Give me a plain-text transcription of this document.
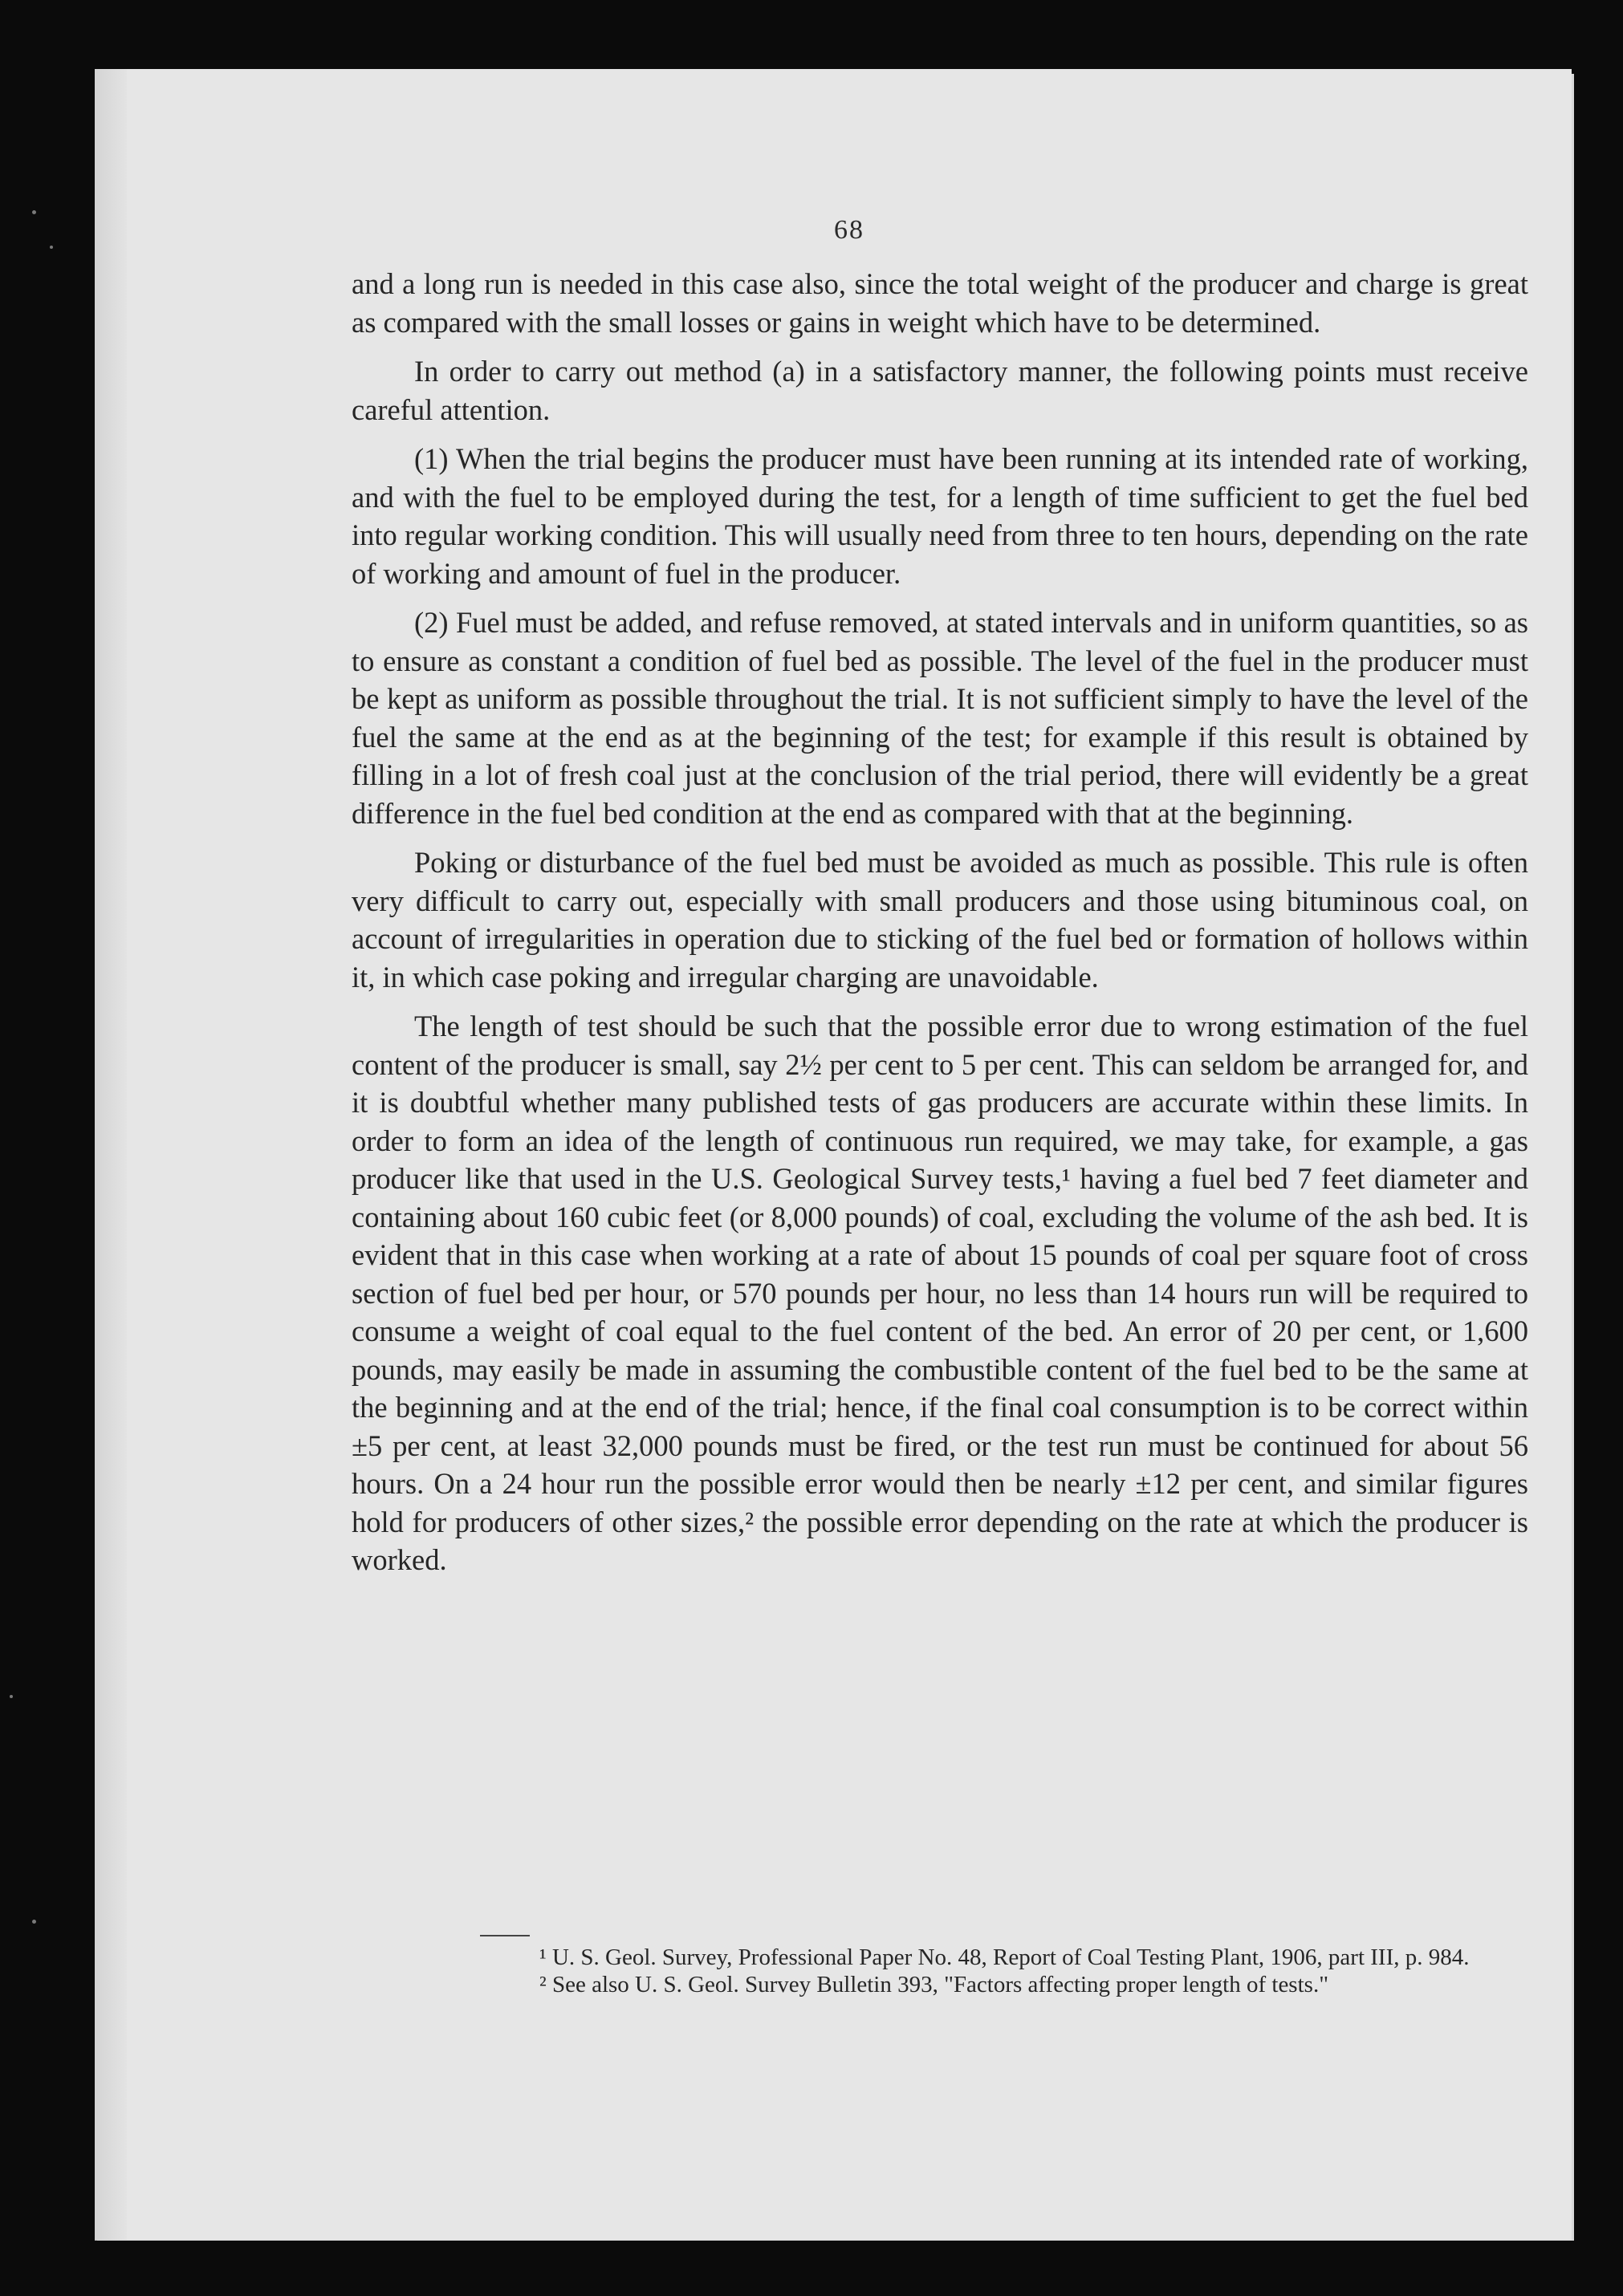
68

and a long run is needed in this case also, since the total weight of the producer and charge is great as compared with the small losses or gains in weight which have to be determined.

In order to carry out method (a) in a satisfactory manner, the following points must receive careful attention.

(1) When the trial begins the producer must have been running at its intended rate of working, and with the fuel to be employed during the test, for a length of time sufficient to get the fuel bed into regular working condition. This will usually need from three to ten hours, depending on the rate of working and amount of fuel in the producer.

(2) Fuel must be added, and refuse removed, at stated intervals and in uniform quantities, so as to ensure as constant a condition of fuel bed as possible. The level of the fuel in the producer must be kept as uniform as possible throughout the trial. It is not sufficient simply to have the level of the fuel the same at the end as at the beginning of the test; for example if this result is obtained by filling in a lot of fresh coal just at the conclusion of the trial period, there will evidently be a great difference in the fuel bed condition at the end as compared with that at the beginning.

Poking or disturbance of the fuel bed must be avoided as much as possible. This rule is often very difficult to carry out, especially with small producers and those using bituminous coal, on account of irregularities in operation due to sticking of the fuel bed or formation of hollows within it, in which case poking and irregular charging are unavoidable.

The length of test should be such that the possible error due to wrong estimation of the fuel content of the producer is small, say 2½ per cent to 5 per cent. This can seldom be arranged for, and it is doubtful whether many published tests of gas producers are accurate within these limits. In order to form an idea of the length of continuous run required, we may take, for example, a gas producer like that used in the U.S. Geological Survey tests,¹ having a fuel bed 7 feet diameter and containing about 160 cubic feet (or 8,000 pounds) of coal, excluding the volume of the ash bed. It is evident that in this case when working at a rate of about 15 pounds of coal per square foot of cross section of fuel bed per hour, or 570 pounds per hour, no less than 14 hours run will be required to consume a weight of coal equal to the fuel content of the bed. An error of 20 per cent, or 1,600 pounds, may easily be made in assuming the combustible content of the fuel bed to be the same at the beginning and at the end of the trial; hence, if the final coal consumption is to be correct within ±5 per cent, at least 32,000 pounds must be fired, or the test run must be continued for about 56 hours. On a 24 hour run the possible error would then be nearly ±12 per cent, and similar figures hold for producers of other sizes,² the possible error depending on the rate at which the producer is worked.

¹ U. S. Geol. Survey, Professional Paper No. 48, Report of Coal Testing Plant, 1906, part III, p. 984.

² See also U. S. Geol. Survey Bulletin 393, "Factors affecting proper length of tests."
